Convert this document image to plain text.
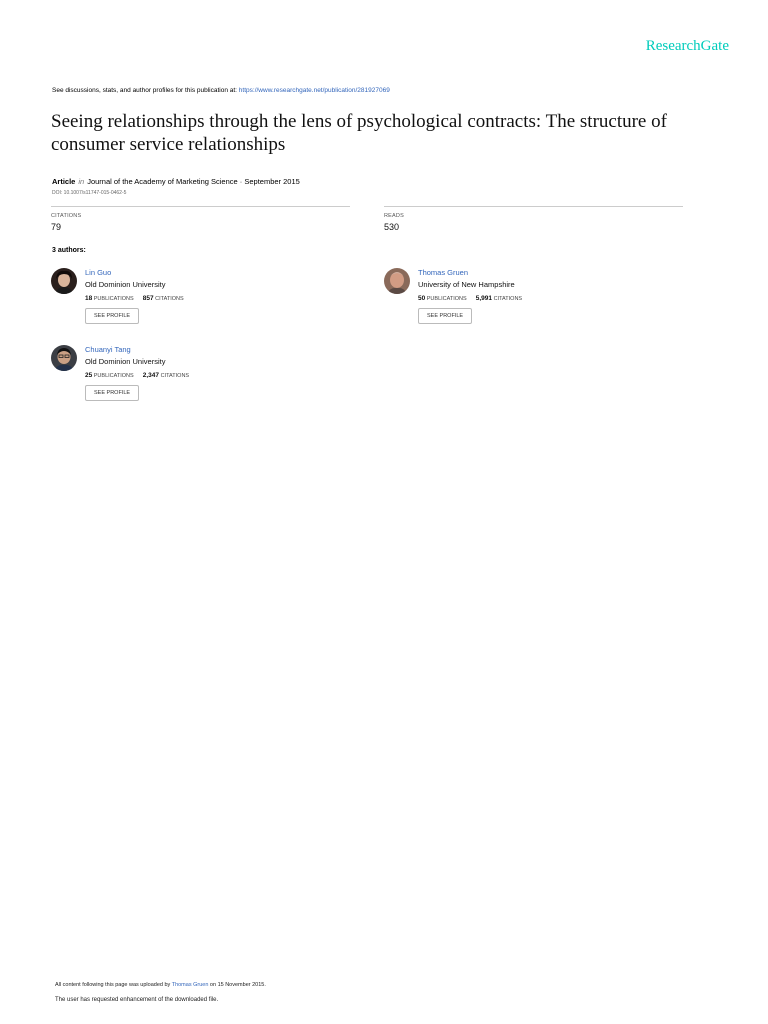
ResearchGate
See discussions, stats, and author profiles for this publication at: https://www.researchgate.net/publication/281927069
Seeing relationships through the lens of psychological contracts: The structure of consumer service relationships
Article in Journal of the Academy of Marketing Science · September 2015
DOI: 10.1007/s11747-015-0462-5
CITATIONS
79
READS
530
3 authors:
Lin Guo
Old Dominion University
18 PUBLICATIONS 857 CITATIONS
SEE PROFILE
Thomas Gruen
University of New Hampshire
50 PUBLICATIONS 5,991 CITATIONS
SEE PROFILE
Chuanyi Tang
Old Dominion University
25 PUBLICATIONS 2,347 CITATIONS
SEE PROFILE
All content following this page was uploaded by Thomas Gruen on 15 November 2015.
The user has requested enhancement of the downloaded file.
